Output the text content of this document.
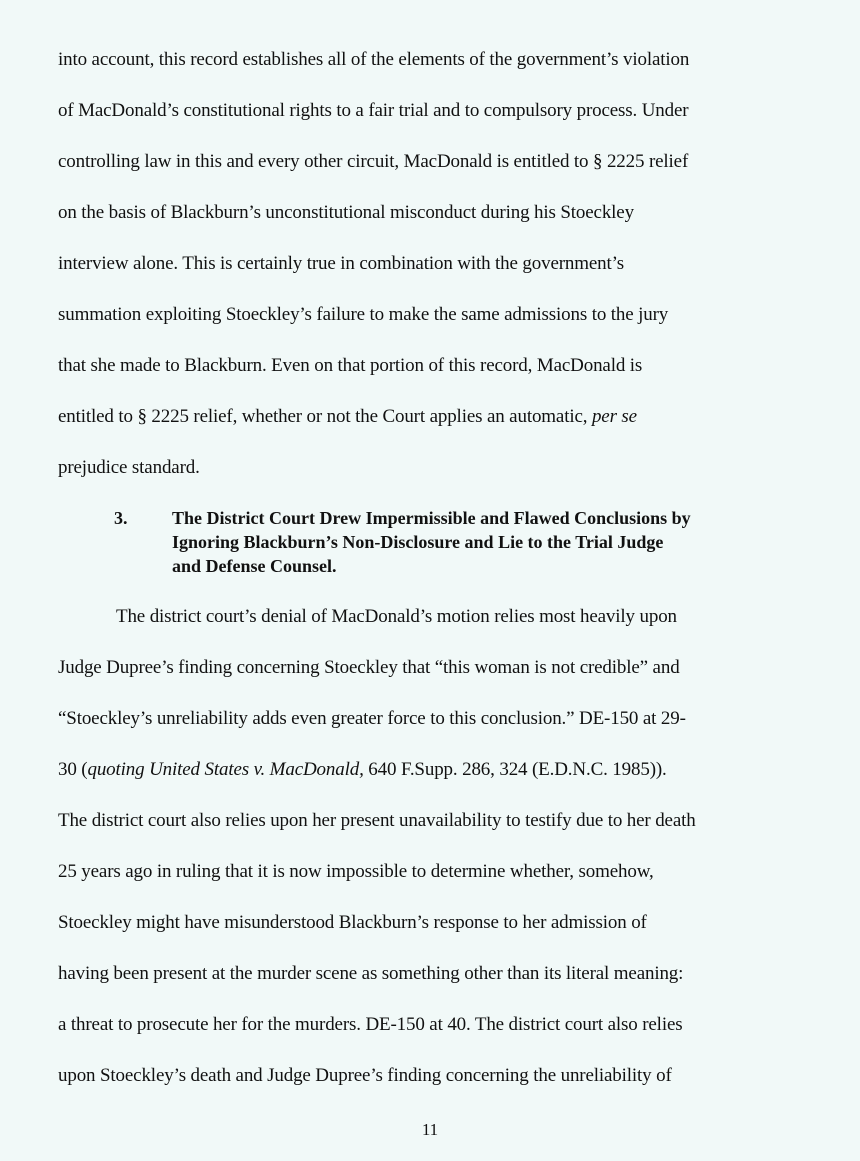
into account, this record establishes all of the elements of the government’s violation
of MacDonald’s constitutional rights to a fair trial and to compulsory process. Under
controlling law in this and every other circuit, MacDonald is entitled to § 2225 relief
on the basis of Blackburn’s unconstitutional misconduct during his Stoeckley
interview alone. This is certainly true in combination with the government’s
summation exploiting Stoeckley’s failure to make the same admissions to the jury
that she made to Blackburn. Even on that portion of this record, MacDonald is
entitled to § 2225 relief, whether or not the Court applies an automatic, per se
prejudice standard.
3. The District Court Drew Impermissible and Flawed Conclusions by
Ignoring Blackburn’s Non-Disclosure and Lie to the Trial Judge
and Defense Counsel.
The district court’s denial of MacDonald’s motion relies most heavily upon
Judge Dupree’s finding concerning Stoeckley that “this woman is not credible” and
“Stoeckley’s unreliability adds even greater force to this conclusion.” DE-150 at 29-
30 (quoting United States v. MacDonald, 640 F.Supp. 286, 324 (E.D.N.C. 1985)).
The district court also relies upon her present unavailability to testify due to her death
25 years ago in ruling that it is now impossible to determine whether, somehow,
Stoeckley might have misunderstood Blackburn’s response to her admission of
having been present at the murder scene as something other than its literal meaning:
a threat to prosecute her for the murders. DE-150 at 40. The district court also relies
upon Stoeckley’s death and Judge Dupree’s finding concerning the unreliability of
11
